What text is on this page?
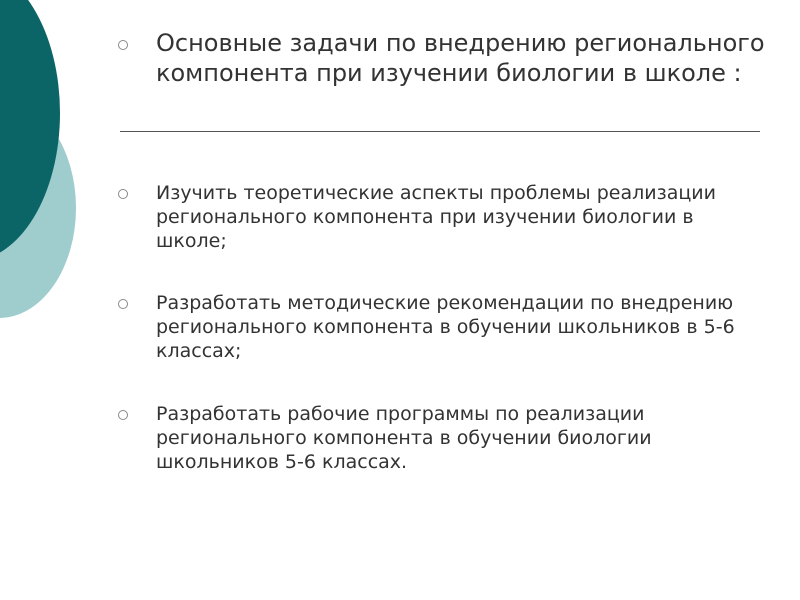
Основные задачи по внедрению регионального компонента при изучении биологии в школе :

Изучить теоретические аспекты проблемы реализации регионального компонента при изучении биологии в школе;

Разработать методические рекомендации по внедрению регионального компонента в обучении школьников в 5-6 классах;

Разработать рабочие программы по реализации регионального компонента в обучении биологии школьников 5-6 классах.
